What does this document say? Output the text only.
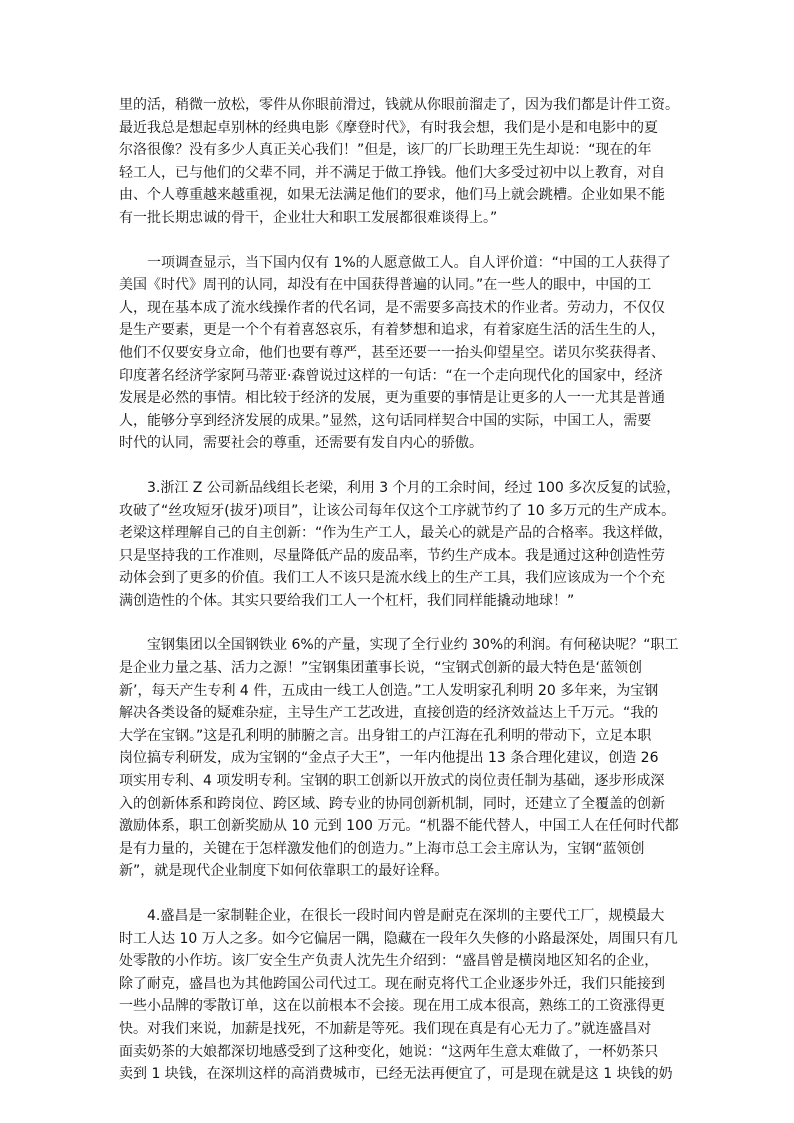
里的活，稍微一放松，零件从你眼前滑过，钱就从你眼前溜走了，因为我们都是计件工资。
最近我总是想起卓别林的经典电影《摩登时代》，有时我会想，我们是小是和电影中的夏
尔洛很像？没有多少人真正关心我们！”但是，该厂的厂长助理王先生却说：“现在的年
轻工人，已与他们的父辈不同，并不满足于做工挣钱。他们大多受过初中以上教育，对自
由、个人尊重越来越重视，如果无法满足他们的要求，他们马上就会跳槽。企业如果不能
有一批长期忠诚的骨干，企业壮大和职工发展都很难谈得上。”
　　一项调查显示，当下国内仅有 1%的人愿意做工人。自人评价道：“中国的工人获得了
美国《时代》周刊的认同，却没有在中国获得普遍的认同。”在一些人的眼中，中国的工
人，现在基本成了流水线操作者的代名词，是不需要多高技术的作业者。劳动力，不仅仅
是生产要素，更是一个个有着喜怒哀乐，有着梦想和追求，有着家庭生活的活生生的人，
他们不仅要安身立命，他们也要有尊严，甚至还要一一抬头仰望星空。诺贝尔奖获得者、
印度著名经济学家阿马蒂亚·森曾说过这样的一句话：“在一个走向现代化的国家中，经济
发展是必然的事情。相比较于经济的发展，更为重要的事情是让更多的人一一尤其是普通
人，能够分享到经济发展的成果。”显然，这句话同样契合中国的实际，中国工人，需要
时代的认同，需要社会的尊重，还需要有发自内心的骄傲。
　　3.浙江 Z 公司新品线组长老梁，利用 3 个月的工余时间，经过 100 多次反复的试验，
攻破了“丝攻短牙(拔牙)项目”，让该公司每年仅这个工序就节约了 10 多万元的生产成本。
老梁这样理解自己的自主创新：“作为生产工人，最关心的就是产品的合格率。我这样做，
只是坚持我的工作准则，尽量降低产品的废品率，节约生产成本。我是通过这种创造性劳
动体会到了更多的价值。我们工人不该只是流水线上的生产工具，我们应该成为一个个充
满创造性的个体。其实只要给我们工人一个杠杆，我们同样能撬动地球！”
　　宝钢集团以全国钢铁业 6%的产量，实现了全行业约 30%的利润。有何秘诀呢？“职工
是企业力量之基、活力之源！”宝钢集团董事长说，“宝钢式创新的最大特色是‘蓝领创
新’，每天产生专利 4 件，五成由一线工人创造。”工人发明家孔利明 20 多年来，为宝钢
解决各类设备的疑难杂症，主导生产工艺改进，直接创造的经济效益达上千万元。“我的
大学在宝钢。”这是孔利明的肺腑之言。出身钳工的卢江海在孔利明的带动下，立足本职
岗位搞专利研发，成为宝钢的“金点子大王”，一年内他提出 13 条合理化建议，创造 26
项实用专利、4 项发明专利。宝钢的职工创新以开放式的岗位责任制为基础，逐步形成深
入的创新体系和跨岗位、跨区域、跨专业的协同创新机制，同时，还建立了全覆盖的创新
激励体系，职工创新奖励从 10 元到 100 万元。“机器不能代替人，中国工人在任何时代都
是有力量的，关键在于怎样激发他们的创造力。”上海市总工会主席认为，宝钢“蓝领创
新”，就是现代企业制度下如何依靠职工的最好诠释。
　　4.盛昌是一家制鞋企业，在很长一段时间内曾是耐克在深圳的主要代工厂，规模最大
时工人达 10 万人之多。如今它偏居一隅，隐藏在一段年久失修的小路最深处，周围只有几
处零散的小作坊。该厂安全生产负责人沈先生介绍到：“盛昌曾是横岗地区知名的企业，
除了耐克，盛昌也为其他跨国公司代过工。现在耐克将代工企业逐步外迁，我们只能接到
一些小品牌的零散订单，这在以前根本不会接。现在用工成本很高，熟练工的工资涨得更
快。对我们来说，加薪是找死，不加薪是等死。我们现在真是有心无力了。”就连盛昌对
面卖奶茶的大娘都深切地感受到了这种变化，她说：“这两年生意太难做了，一杯奶茶只
卖到 1 块钱，在深圳这样的高消费城市，已经无法再便宜了，可是现在就是这 1 块钱的奶
